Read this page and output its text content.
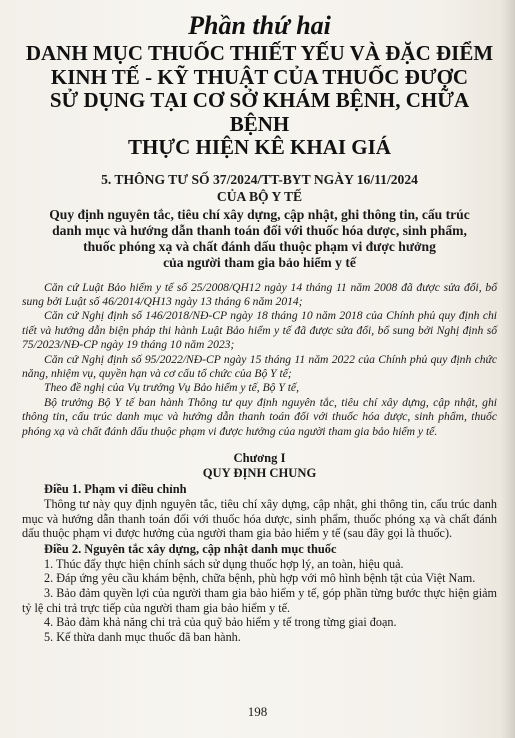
Phần thứ hai
DANH MỤC THUỐC THIẾT YẾU VÀ ĐẶC ĐIỂM
KINH TẾ - KỸ THUẬT CỦA THUỐC ĐƯỢC
SỬ DỤNG TẠI CƠ SỞ KHÁM BỆNH, CHỮA BỆNH
THỰC HIỆN KÊ KHAI GIÁ
5. THÔNG TƯ SỐ 37/2024/TT-BYT NGÀY 16/11/2024
CỦA BỘ Y TẾ
Quy định nguyên tắc, tiêu chí xây dựng, cập nhật, ghi thông tin, cấu trúc
danh mục và hướng dẫn thanh toán đối với thuốc hóa dược, sinh phẩm,
thuốc phóng xạ và chất đánh dấu thuộc phạm vi được hưởng
của người tham gia bảo hiểm y tế

Căn cứ Luật Bảo hiểm y tế số 25/2008/QH12 ngày 14 tháng 11 năm 2008 đã được sửa đổi, bổ sung bởi Luật số 46/2014/QH13 ngày 13 tháng 6 năm 2014;

Căn cứ Nghị định số 146/2018/NĐ-CP ngày 18 tháng 10 năm 2018 của Chính phủ quy định chi tiết và hướng dẫn biện pháp thi hành Luật Bảo hiểm y tế đã được sửa đổi, bổ sung bởi Nghị định số 75/2023/NĐ-CP ngày 19 tháng 10 năm 2023;

Căn cứ Nghị định số 95/2022/NĐ-CP ngày 15 tháng 11 năm 2022 của Chính phủ quy định chức năng, nhiệm vụ, quyền hạn và cơ cấu tổ chức của Bộ Y tế;

Theo đề nghị của Vụ trưởng Vụ Bảo hiểm y tế, Bộ Y tế,

Bộ trưởng Bộ Y tế ban hành Thông tư quy định nguyên tắc, tiêu chí xây dựng, cập nhật, ghi thông tin, cấu trúc danh mục và hướng dẫn thanh toán đối với thuốc hóa dược, sinh phẩm, thuốc phóng xạ và chất đánh dấu thuộc phạm vi được hưởng của người tham gia bảo hiểm y tế.

Chương I
QUY ĐỊNH CHUNG
Điều 1. Phạm vi điều chỉnh

Thông tư này quy định nguyên tắc, tiêu chí xây dựng, cập nhật, ghi thông tin, cấu trúc danh mục và hướng dẫn thanh toán đối với thuốc hóa dược, sinh phẩm, thuốc phóng xạ và chất đánh dấu thuộc phạm vi được hưởng của người tham gia bảo hiểm y tế (sau đây gọi là thuốc).

Điều 2. Nguyên tắc xây dựng, cập nhật danh mục thuốc

1. Thúc đẩy thực hiện chính sách sử dụng thuốc hợp lý, an toàn, hiệu quả.

2. Đáp ứng yêu cầu khám bệnh, chữa bệnh, phù hợp với mô hình bệnh tật của Việt Nam.

3. Bảo đảm quyền lợi của người tham gia bảo hiểm y tế, góp phần từng bước thực hiện giảm tỷ lệ chi trả trực tiếp của người tham gia bảo hiểm y tế.

4. Bảo đảm khả năng chi trả của quỹ bảo hiểm y tế trong từng giai đoạn.

5. Kế thừa danh mục thuốc đã ban hành.

198
